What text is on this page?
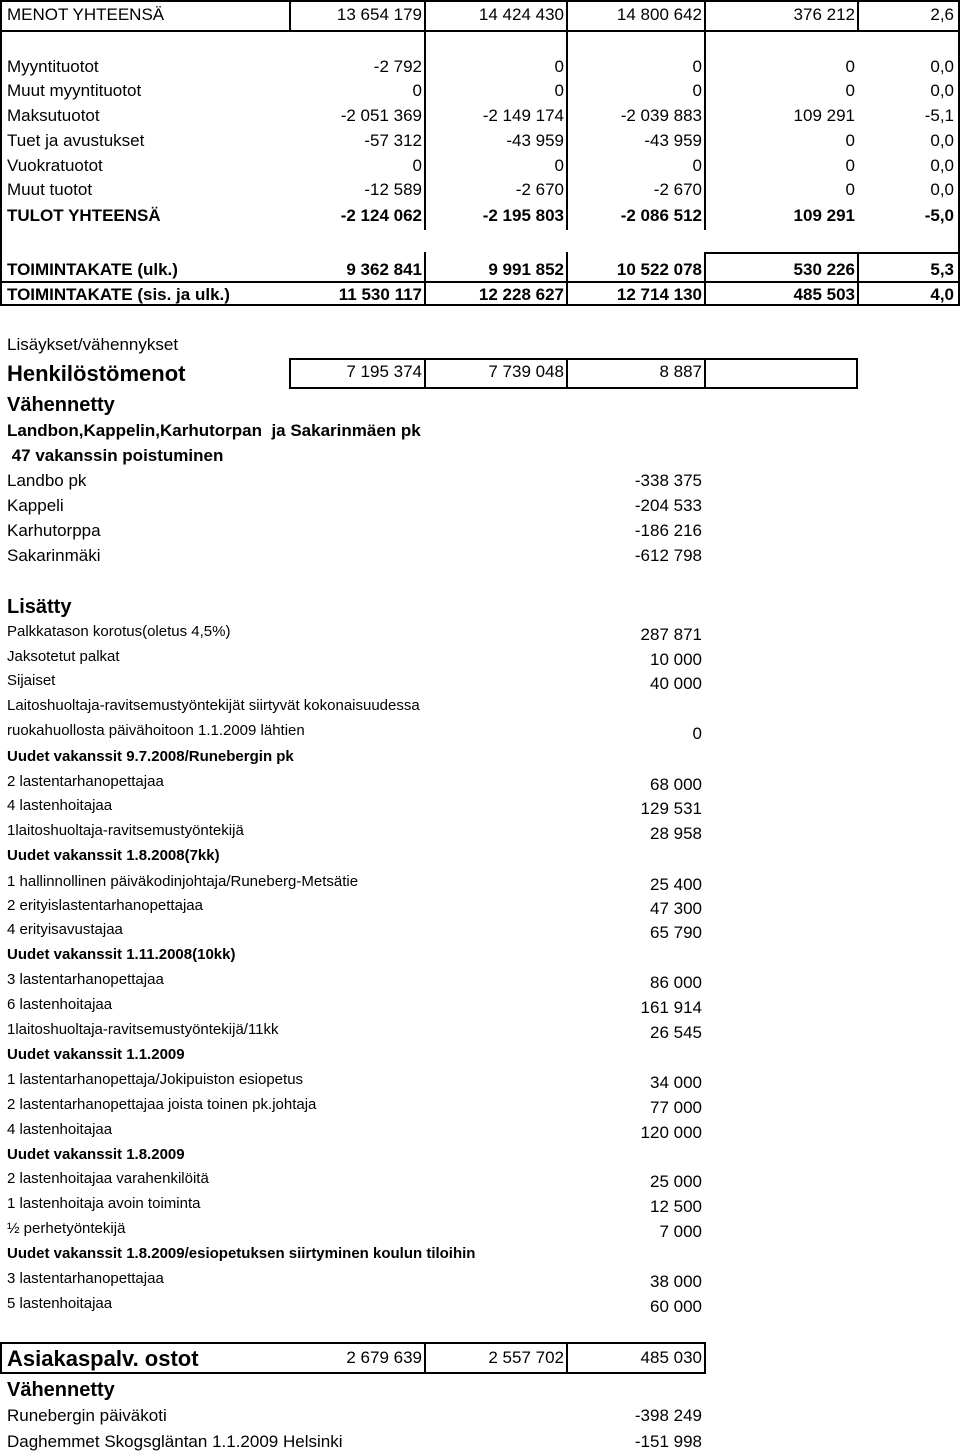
MENOT YHTEENSÄ	13 654 179	14 424 430	14 800 642	376 212	2,6
Myyntituotot	-2 792	0	0	0	0,0
Muut myyntituotot	0	0	0	0	0,0
Maksutuotot	-2 051 369	-2 149 174	-2 039 883	109 291	-5,1
Tuet ja avustukset	-57 312	-43 959	-43 959	0	0,0
Vuokratuotot	0	0	0	0	0,0
Muut tuotot	-12 589	-2 670	-2 670	0	0,0
TULOT YHTEENSÄ	-2 124 062	-2 195 803	-2 086 512	109 291	-5,0
TOIMINTAKATE (ulk.)	9 362 841	9 991 852	10 522 078	530 226	5,3
TOIMINTAKATE (sis. ja ulk.)	11 530 117	12 228 627	12 714 130	485 503	4,0
Lisäykset/vähennykset
Henkilöstömenot	7 195 374	7 739 048	8 887
Vähennetty
Landbon,Kappelin,Karhutorpan  ja Sakarinmäen pk
47 vakanssin poistuminen
Landbo pk	-338 375
Kappeli	-204 533
Karhutorppa	-186 216
Sakarinmäki	-612 798
Lisätty
Palkkatason korotus(oletus 4,5%)	287 871
Jaksotetut palkat	10 000
Sijaiset	40 000
Laitoshuoltaja-ravitsemustyöntekijät siirtyvät kokonaisuudessa
ruokahuollosta päivähoitoon 1.1.2009 lähtien	0
Uudet vakanssit 9.7.2008/Runebergin pk
2 lastentarhanopettajaa	68 000
4 lastenhoitajaa	129 531
1laitoshuoltaja-ravitsemustyöntekijä	28 958
Uudet vakanssit 1.8.2008(7kk)
1 hallinnollinen päiväkodinjohtaja/Runeberg-Metsätie	25 400
2 erityislastentarhanopettajaa	47 300
4 erityisavustajaa	65 790
Uudet vakanssit 1.11.2008(10kk)
3 lastentarhanopettajaa	86 000
6 lastenhoitajaa	161 914
1laitoshuoltaja-ravitsemustyöntekijä/11kk	26 545
Uudet vakanssit 1.1.2009
1 lastentarhanopettaja/Jokipuiston esiopetus	34 000
2 lastentarhanopettajaa joista toinen pk.johtaja	77 000
4 lastenhoitajaa	120 000
Uudet vakanssit 1.8.2009
2 lastenhoitajaa varahenkilöitä	25 000
1 lastenhoitaja avoin toiminta	12 500
½ perhetyöntekijä	7 000
Uudet vakanssit 1.8.2009/esiopetuksen siirtyminen koulun tiloihin
3 lastentarhanopettajaa	38 000
5 lastenhoitajaa	60 000
Asiakaspalv. ostot	2 679 639	2 557 702	485 030
Vähennetty
Runebergin päiväkoti	-398 249
Daghemmet Skogsgläntan 1.1.2009 Helsinki	-151 998
